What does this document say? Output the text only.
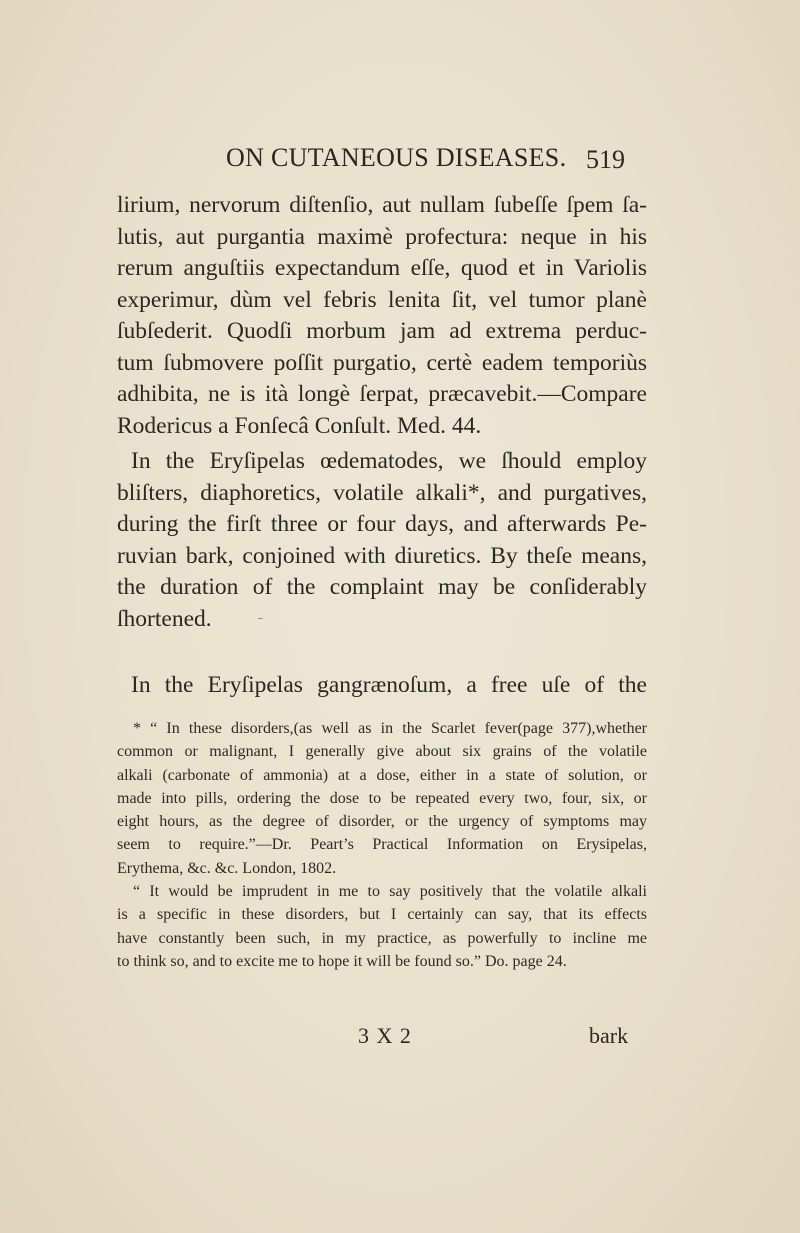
ON CUTANEOUS DISEASES. 519
lirium, nervorum diſtenſio, aut nullam ſubeſſe ſpem ſa-
lutis, aut purgantia maximè profectura: neque in his
rerum anguſtiis expectandum eſſe, quod et in Variolis
experimur, dùm vel febris lenita ſit, vel tumor planè
ſubſederit. Quodſi morbum jam ad extrema perduc-
tum ſubmovere poſſit purgatio, certè eadem temporiùs
adhibita, ne is ità longè ſerpat, præcavebit.—Compare
Rodericus a Fonſecâ Conſult. Med. 44.
In the Eryſipelas œdematodes, we ſhould employ
bliſters, diaphoretics, volatile alkali*, and purgatives,
during the firſt three or four days, and afterwards Pe-
ruvian bark, conjoined with diuretics. By theſe means,
the duration of the complaint may be conſiderably
ſhortened.
In the Eryſipelas gangrænoſum, a free uſe of the
* “ In these disorders,(as well as in the Scarlet fever(page 377),whether
common or malignant, I generally give about six grains of the volatile
alkali (carbonate of ammonia) at a dose, either in a state of solution, or
made into pills, ordering the dose to be repeated every two, four, six, or
eight hours, as the degree of disorder, or the urgency of symptoms may
seem to require.”—Dr. Peart’s Practical Information on Erysipelas,
Erythema, &c. &c. London, 1802.
“ It would be imprudent in me to say positively that the volatile alkali
is a specific in these disorders, but I certainly can say, that its effects
have constantly been such, in my practice, as powerfully to incline me
to think so, and to excite me to hope it will be found so.” Do. page 24.
3 X 2	bark
